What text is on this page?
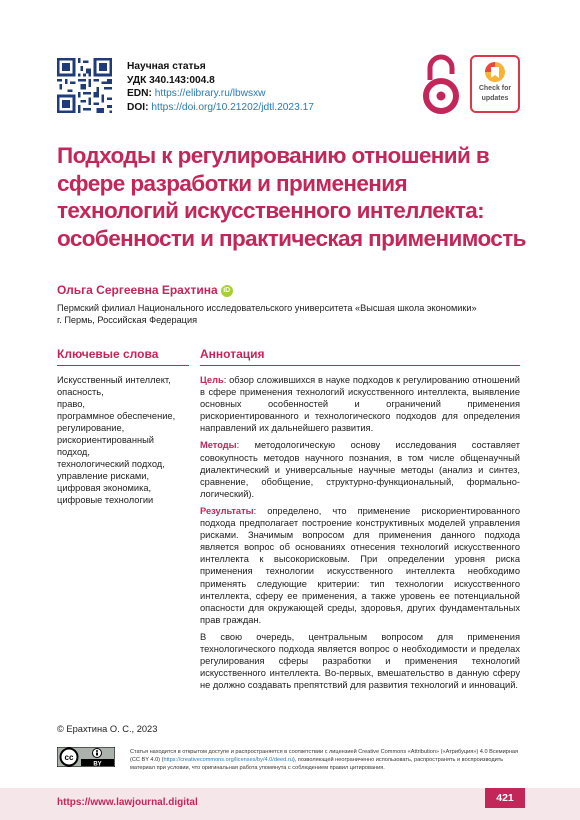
Научная статья
УДК 340.143:004.8
EDN: https://elibrary.ru/lbwsxw
DOI: https://doi.org/10.21202/jdtl.2023.17
Check for
updates
Подходы к регулированию отношений в сфере разработки и применения технологий искусственного интеллекта: особенности и практическая применимость
Ольга Сергеевна Ерахтина iD
Пермский филиал Национального исследовательского университета «Высшая школа экономики»
г. Пермь, Российская Федерация
Ключевые слова	Аннотация
Искусственный интеллект,
опасность,
право,
программное обеспечение,
регулирование,
рискориентированный
подход,
технологический подход,
управление рисками,
цифровая экономика,
цифровые технологии

Цель: обзор сложившихся в науке подходов к регулированию отношений в сфере применения технологий искусственного интеллекта, выявление основных особенностей и ограничений применения рискориентированного и технологического подходов для определения направлений их дальнейшего развития.

Методы: методологическую основу исследования составляет совокупность методов научного познания, в том числе общенаучный диалектический и универсальные научные методы (анализ и синтез, сравнение, обобщение, структурно-функциональный, формально-логический).

Результаты: определено, что применение рискориентированного подхода предполагает построение конструктивных моделей управления рисками. Значимым вопросом для применения данного подхода является вопрос об основаниях отнесения технологий искусственного интеллекта к высокорисковым. При определении уровня риска применения технологии искусственного интеллекта необходимо применять следующие критерии: тип технологии искусственного интеллекта, сферу ее применения, а также уровень ее потенциальной опасности для окружающей среды, здоровья, других фундаментальных прав граждан.

В свою очередь, центральным вопросом для применения технологического подхода является вопрос о необходимости и пределах регулирования сферы разработки и применения технологий искусственного интеллекта. Во-первых, вмешательство в данную сферу не должно создавать препятствий для развития технологий и инноваций.

© Ерахтина О. С., 2023
cc
BY
Статья находится в открытом доступе и распространяется в соответствии с лицензией Creative Commons «Attribution» («Атрибуция») 4.0 Всемирная (CC BY 4.0) (https://creativecommons.org/licenses/by/4.0/deed.ru), позволяющей неограниченно использовать, распространять и воспроизводить материал при условии, что оригинальная работа упомянута с соблюдением правил цитирования.
https://www.lawjournal.digital	421
